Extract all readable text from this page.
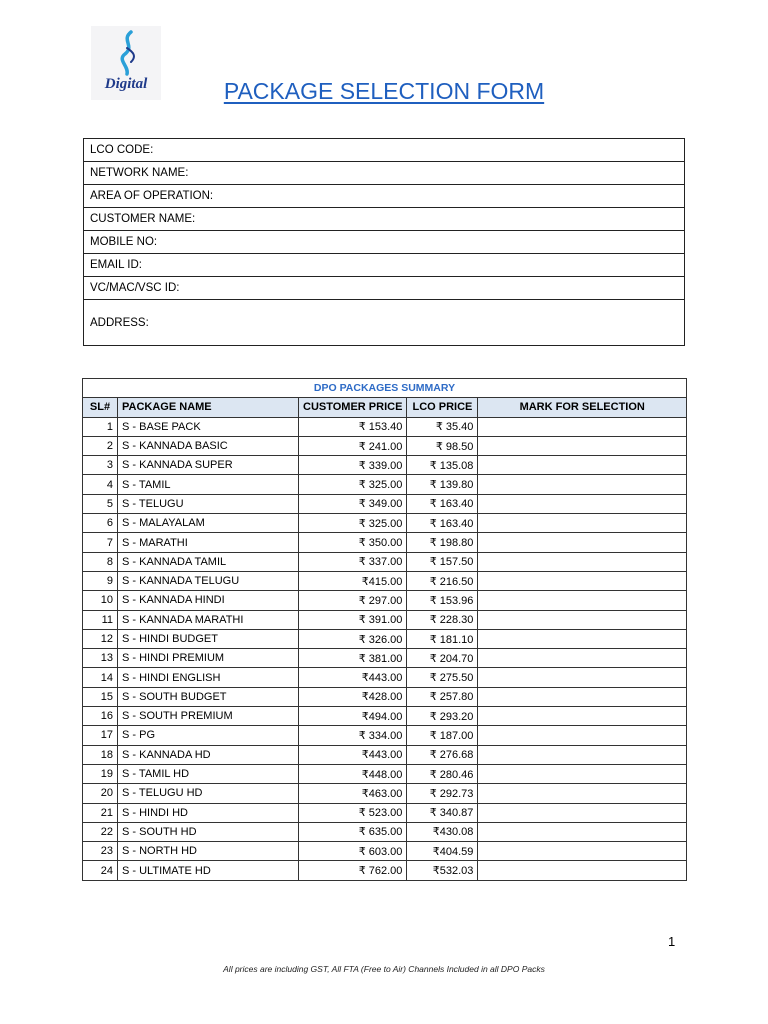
Digital	PACKAGE SELECTION FORM
LCO CODE:
NETWORK NAME:
AREA OF OPERATION:
CUSTOMER NAME:
MOBILE NO:
EMAIL ID:
VC/MAC/VSC ID:
ADDRESS:
DPO PACKAGES SUMMARY				
SL#	PACKAGE NAME	CUSTOMER PRICE	LCO PRICE	MARK FOR SELECTION
1	S - BASE PACK	₹ 153.40	₹ 35.40	
2	S - KANNADA BASIC	₹ 241.00	₹ 98.50	
3	S - KANNADA SUPER	₹ 339.00	₹ 135.08	
4	S - TAMIL	₹ 325.00	₹ 139.80	
5	S - TELUGU	₹ 349.00	₹ 163.40	
6	S - MALAYALAM	₹ 325.00	₹ 163.40	
7	S - MARATHI	₹ 350.00	₹ 198.80	
8	S - KANNADA TAMIL	₹ 337.00	₹ 157.50	
9	S - KANNADA TELUGU	₹415.00	₹ 216.50	
10	S - KANNADA HINDI	₹ 297.00	₹ 153.96	
11	S - KANNADA MARATHI	₹ 391.00	₹ 228.30	
12	S - HINDI BUDGET	₹ 326.00	₹ 181.10	
13	S - HINDI PREMIUM	₹ 381.00	₹ 204.70	
14	S - HINDI ENGLISH	₹443.00	₹ 275.50	
15	S - SOUTH BUDGET	₹428.00	₹ 257.80	
16	S - SOUTH PREMIUM	₹494.00	₹ 293.20	
17	S - PG	₹ 334.00	₹ 187.00	
18	S - KANNADA HD	₹443.00	₹ 276.68	
19	S - TAMIL HD	₹448.00	₹ 280.46	
20	S - TELUGU HD	₹463.00	₹ 292.73	
21	S - HINDI HD	₹ 523.00	₹ 340.87	
22	S - SOUTH HD	₹ 635.00	₹430.08	
23	S - NORTH HD	₹ 603.00	₹404.59	
24	S - ULTIMATE HD	₹ 762.00	₹532.03	
1
All prices are including GST, All FTA (Free to Air) Channels Included in all DPO Packs
